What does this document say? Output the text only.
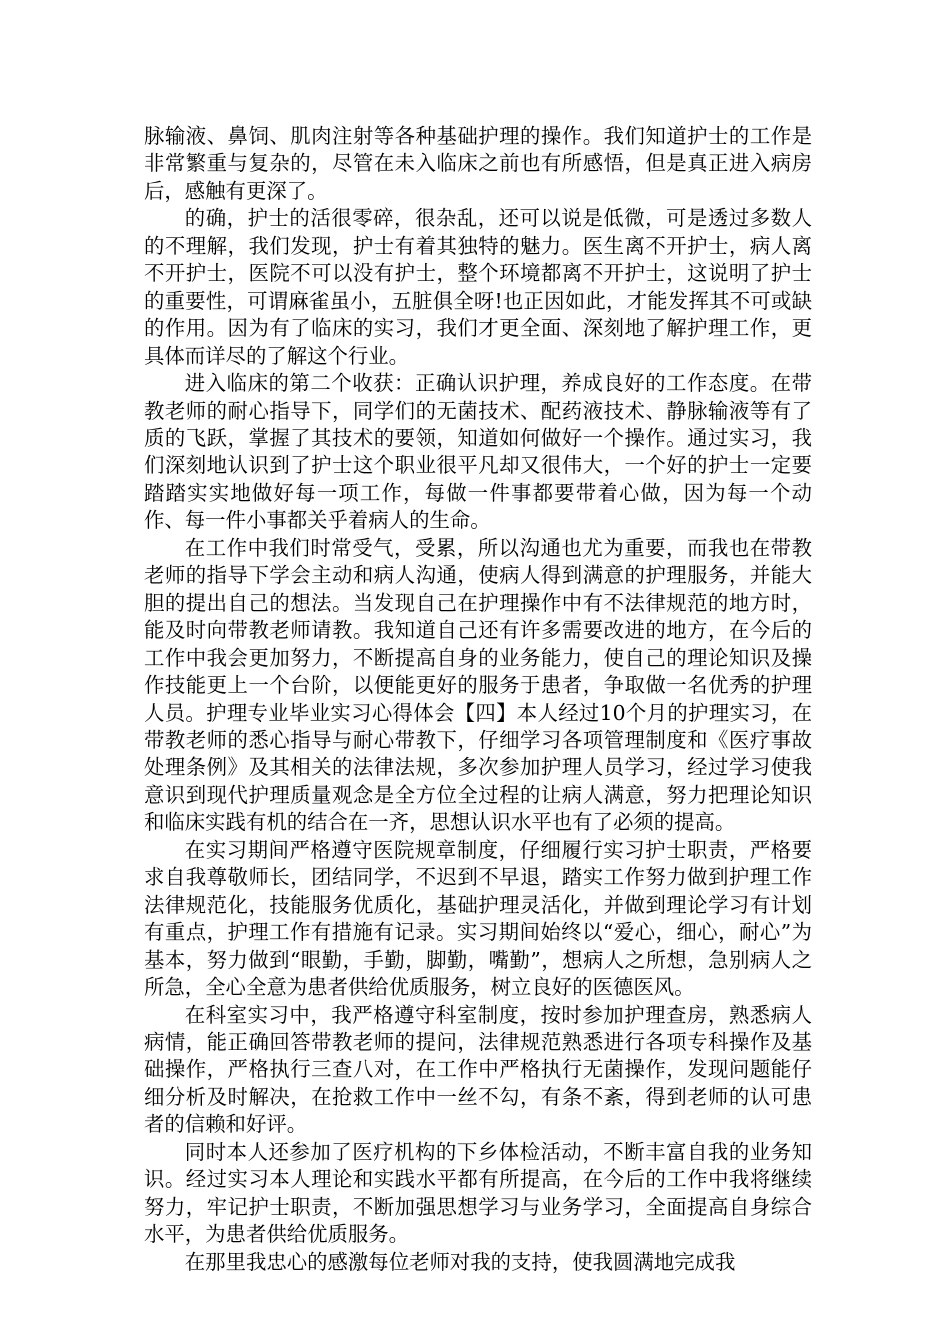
脉输液、鼻饲、肌肉注射等各种基础护理的操作。我们知道护士的工作是非常繁重与复杂的，尽管在未入临床之前也有所感悟，但是真正进入病房后，感触有更深了。

的确，护士的活很零碎，很杂乱，还可以说是低微，可是透过多数人的不理解，我们发现，护士有着其独特的魅力。医生离不开护士，病人离不开护士，医院不可以没有护士，整个环境都离不开护士，这说明了护士的重要性，可谓麻雀虽小，五脏俱全呀!也正因如此，才能发挥其不可或缺的作用。因为有了临床的实习，我们才更全面、深刻地了解护理工作，更具体而详尽的了解这个行业。

进入临床的第二个收获：正确认识护理，养成良好的工作态度。在带教老师的耐心指导下，同学们的无菌技术、配药液技术、静脉输液等有了质的飞跃，掌握了其技术的要领，知道如何做好一个操作。通过实习，我们深刻地认识到了护士这个职业很平凡却又很伟大，一个好的护士一定要踏踏实实地做好每一项工作，每做一件事都要带着心做，因为每一个动作、每一件小事都关乎着病人的生命。

在工作中我们时常受气，受累，所以沟通也尤为重要，而我也在带教老师的指导下学会主动和病人沟通，使病人得到满意的护理服务，并能大胆的提出自己的想法。当发现自己在护理操作中有不法律规范的地方时，能及时向带教老师请教。我知道自己还有许多需要改进的地方，在今后的工作中我会更加努力，不断提高自身的业务能力，使自己的理论知识及操作技能更上一个台阶，以便能更好的服务于患者，争取做一名优秀的护理人员。护理专业毕业实习心得体会【四】本人经过10个月的护理实习，在带教老师的悉心指导与耐心带教下，仔细学习各项管理制度和《医疗事故处理条例》及其相关的法律法规，多次参加护理人员学习，经过学习使我意识到现代护理质量观念是全方位全过程的让病人满意，努力把理论知识和临床实践有机的结合在一齐，思想认识水平也有了必须的提高。

在实习期间严格遵守医院规章制度，仔细履行实习护士职责，严格要求自我尊敬师长，团结同学，不迟到不早退，踏实工作努力做到护理工作法律规范化，技能服务优质化，基础护理灵活化，并做到理论学习有计划有重点，护理工作有措施有记录。实习期间始终以“爱心，细心，耐心”为基本，努力做到“眼勤，手勤，脚勤，嘴勤”，想病人之所想，急别病人之所急，全心全意为患者供给优质服务，树立良好的医德医风。

在科室实习中，我严格遵守科室制度，按时参加护理查房，熟悉病人病情，能正确回答带教老师的提问，法律规范熟悉进行各项专科操作及基础操作，严格执行三查八对，在工作中严格执行无菌操作，发现问题能仔细分析及时解决，在抢救工作中一丝不勾，有条不紊，得到老师的认可患者的信赖和好评。

同时本人还参加了医疗机构的下乡体检活动，不断丰富自我的业务知识。经过实习本人理论和实践水平都有所提高，在今后的工作中我将继续努力，牢记护士职责，不断加强思想学习与业务学习，全面提高自身综合水平，为患者供给优质服务。

在那里我忠心的感激每位老师对我的支持，使我圆满地完成我
